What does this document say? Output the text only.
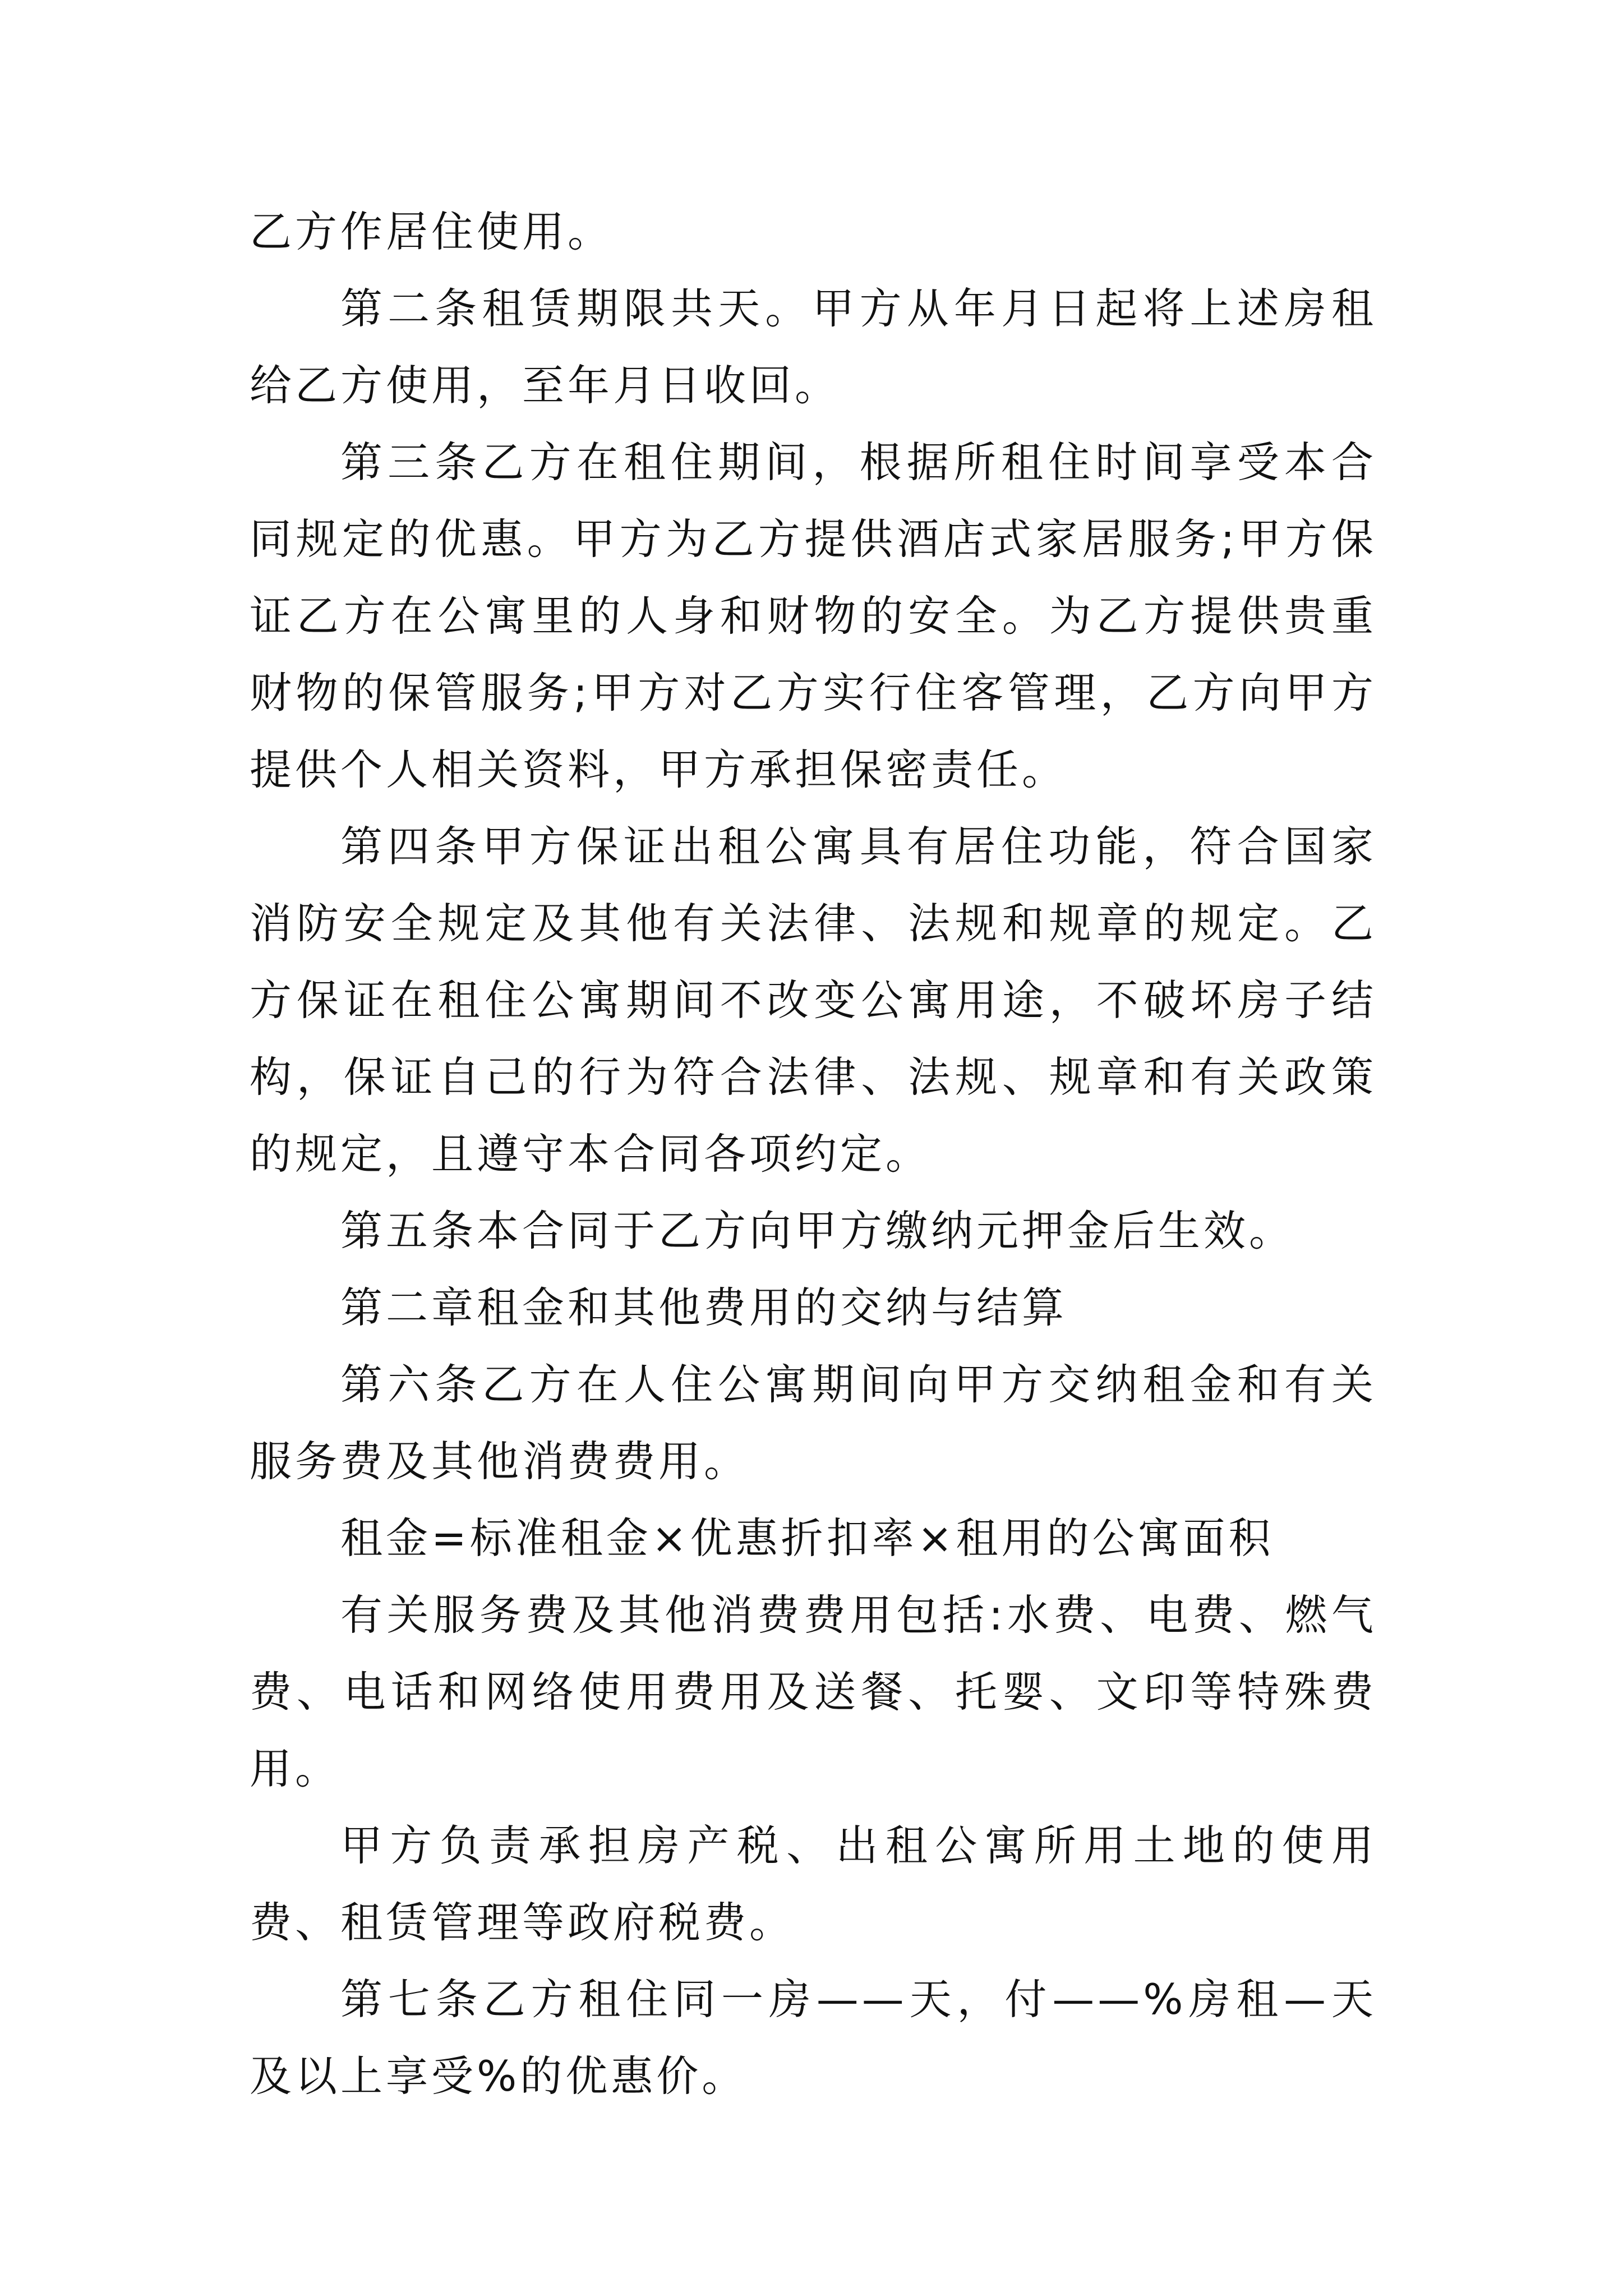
乙方作居住使用。

第二条租赁期限共天。甲方从年月日起将上述房租给乙方使用，至年月日收回。

第三条乙方在租住期间，根据所租住时间享受本合同规定的优惠。甲方为乙方提供酒店式家居服务;甲方保证乙方在公寓里的人身和财物的安全。为乙方提供贵重财物的保管服务;甲方对乙方实行住客管理，乙方向甲方提供个人相关资料，甲方承担保密责任。

第四条甲方保证出租公寓具有居住功能，符合国家消防安全规定及其他有关法律、法规和规章的规定。乙方保证在租住公寓期间不改变公寓用途，不破坏房子结构，保证自己的行为符合法律、法规、规章和有关政策的规定，且遵守本合同各项约定。

第五条本合同于乙方向甲方缴纳元押金后生效。

第二章租金和其他费用的交纳与结算

第六条乙方在人住公寓期间向甲方交纳租金和有关服务费及其他消费费用。

租金=标准租金×优惠折扣率×租用的公寓面积

有关服务费及其他消费费用包括:水费、电费、燃气费、电话和网络使用费用及送餐、托婴、文印等特殊费用。

甲方负责承担房产税、出租公寓所用土地的使用费、租赁管理等政府税费。

第七条乙方租住同一房——天，付——%房租—天及以上享受%的优惠价。
